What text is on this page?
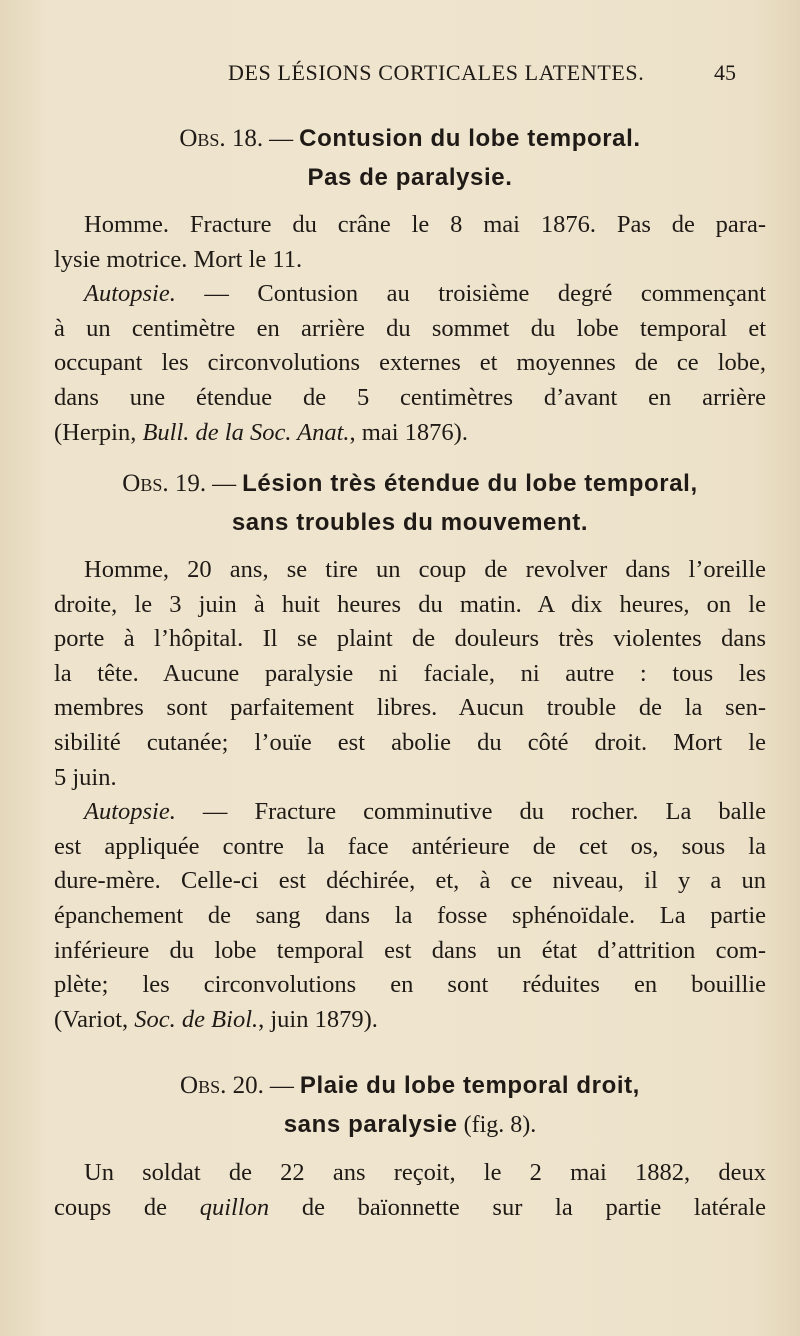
DES LÉSIONS CORTICALES LATENTES.	45
Obs. 18. — Contusion du lobe temporal.
Pas de paralysie.
Homme. Fracture du crâne le 8 mai 1876. Pas de para-
lysie motrice. Mort le 11.
Autopsie. — Contusion au troisième degré commençant
à un centimètre en arrière du sommet du lobe temporal et
occupant les circonvolutions externes et moyennes de ce lobe,
dans une étendue de 5 centimètres d’avant en arrière
(Herpin, Bull. de la Soc. Anat., mai 1876).
Obs. 19. — Lésion très étendue du lobe temporal,
sans troubles du mouvement.
Homme, 20 ans, se tire un coup de revolver dans l’oreille
droite, le 3 juin à huit heures du matin. A dix heures, on le
porte à l’hôpital. Il se plaint de douleurs très violentes dans
la tête. Aucune paralysie ni faciale, ni autre : tous les
membres sont parfaitement libres. Aucun trouble de la sen-
sibilité cutanée; l’ouïe est abolie du côté droit. Mort le
5 juin.
Autopsie. — Fracture comminutive du rocher. La balle
est appliquée contre la face antérieure de cet os, sous la
dure-mère. Celle-ci est déchirée, et, à ce niveau, il y a un
épanchement de sang dans la fosse sphénoïdale. La partie
inférieure du lobe temporal est dans un état d’attrition com-
plète; les circonvolutions en sont réduites en bouillie
(Variot, Soc. de Biol., juin 1879).
Obs. 20. — Plaie du lobe temporal droit,
sans paralysie (fig. 8).
Un soldat de 22 ans reçoit, le 2 mai 1882, deux
coups de quillon de baïonnette sur la partie latérale
